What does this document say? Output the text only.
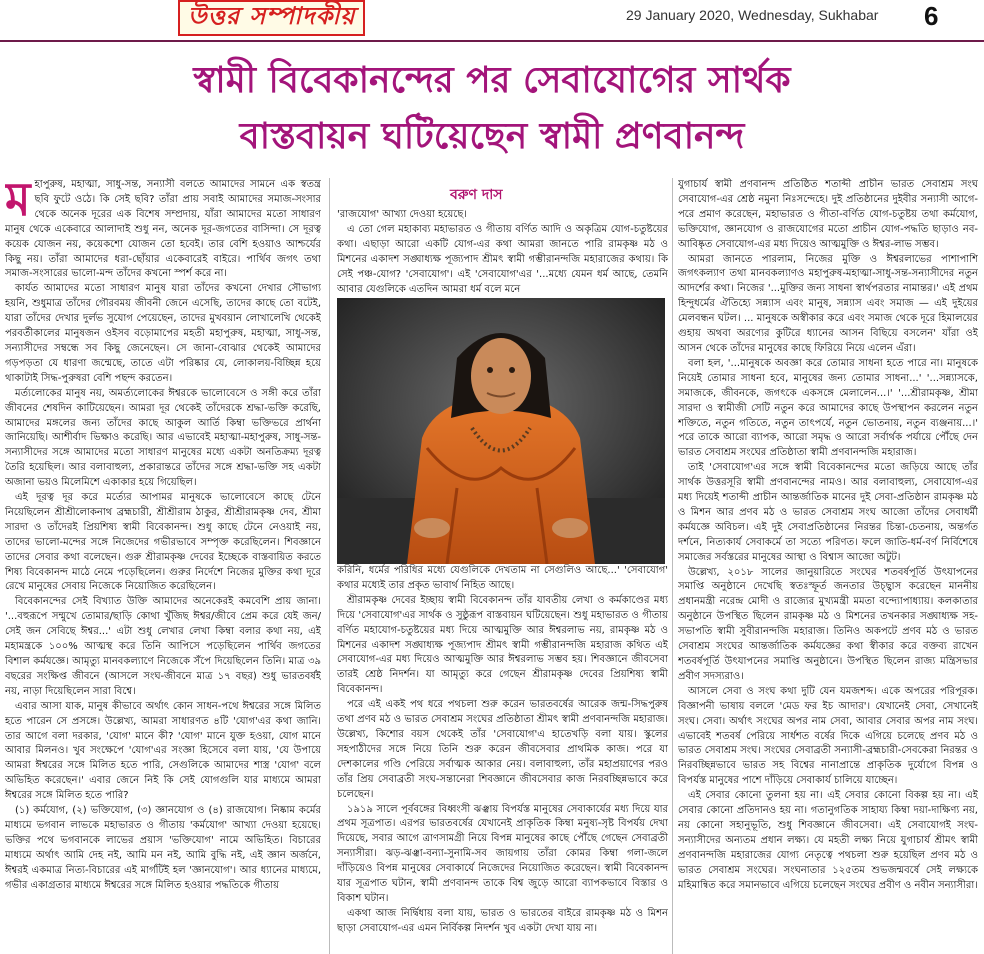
উত্তর সম্পাদকীয়	29 January 2020, Wednesday, Sukhabar 6
স্বামী বিবেকানন্দের পর সেবাযোগের সার্থক
বাস্তবায়ন ঘটিয়েছেন স্বামী প্রণবানন্দ
ম হাপুরুষ, মহাত্মা, সাধু-সন্ত, সন্যাসী বলতে আমাদের সামনে এক স্বতন্ত্র ছবি ফুটে ওঠে। কি সেই ছবি? তাঁরা প্রায় সবাই আমাদের সমাজ-সংসার থেকে অনেক দূরের এক বিশেষ সম্প্রদায়, যাঁরা আমাদের মতো সাধারণ মানুষ থেকে একেবারে আলাদাই শুধু নন, অনেক দূর-জগতের বাসিন্দা। সে দূরত্ব কয়েক যোজন নয়, কয়েকশো যোজন তো হবেই। তার বেশি হওয়াও আশ্চর্যের কিছু নয়। তাঁরা আমাদের ধরা-ছোঁয়ার একেবারেই বাইরে। পার্থিব জগৎ তথা সমাজ-সংসারের ভালো-মন্দ তাঁদের কখনো স্পর্শ করে না।

কার্যত আমাদের মতো সাধারণ মানুষ যারা তাঁদের কখনো দেখার সৌভাগ্য হয়নি, শুধুমাত্র তাঁদের গৌরবময় জীবনী জেনে এসেছি, তাদের কাছে তো বটেই, যারা তাঁদের দেখার দুর্লভ সুযোগ পেয়েছেন, তাদের মুখবয়ান লোখালেখি থেকেই পরবর্তীকালের মানুষজন ওইসব বড়োমাপের মহতী মহাপুরুষ, মহাত্মা, সাধু-সন্ত, সন্যাসীদের সম্বন্ধে সব কিছু জেনেছেন। সে জানা-বোঝার থেকেই আমাদের গড়পড়তা যে ধারণা জন্মেছে, তাতে এটা পরিষ্কার যে, লোকালয়-বিচ্ছিন্ন হয়ে থাকাটাই সিদ্ধ-পুরুষরা বেশি পছন্দ করতেন।

মর্ত্যলোকের মানুষ নয়, অমর্ত্যলোকের ঈশ্বরকে ভালোবেসে ও সঙ্গী করে তাঁরা জীবনের শেষদিন কাটিয়েছেন। আমরা দূর থেকেই তাঁদেরকে শ্রদ্ধা-ভক্তি করেছি, আমাদের মঙ্গলের জন্য তাঁদের কাছে আকুল আর্তি কিম্বা ভক্তিভরে প্রার্থনা জানিয়েছি। আশীর্বাদ ভিক্ষাও করেছি। আর এভাবেই মহাত্মা-মহাপুরুষ, সাধু-সন্ত-সন্যাসীদের সঙ্গে আমাদের মতো সাধারণ মানুষের মধ্যে একটা অনতিক্রম্য দূরত্ব তৈরি হয়েছিল। আর বলাবাহুল্য, প্রকারান্তরে তাঁদের সঙ্গে শ্রদ্ধা-ভক্তি সহ একটা অজানা ভয়ও মিলেমিশে একাকার হয়ে গিয়েছিল।

এই দূরত্ব দূর করে মর্ত্যের আপামর মানুষকে ভালোবেসে কাছে টেনে নিয়েছিলেন শ্রীশ্রীলোকনাথ ব্রহ্মচারী, শ্রীশ্রীরাম ঠাকুর, শ্রীশ্রীরামকৃষ্ণ দেব, শ্রীমা সারদা ও তাঁদেরই প্রিয়শিষ্য স্বামী বিবেকানন্দ। শুধু কাছে টেনে নেওয়াই নয়, তাদের ভালো-মন্দের সঙ্গে নিজেদের গভীরভাবে সম্পৃক্ত করেছিলেন। শিবজ্ঞানে তাদের সেবার কথা বলেছেন। গুরু শ্রীরামকৃষ্ণ দেবের ইচ্ছেকে বাস্তবায়িত করতে শিষ্য বিবেকানন্দ মাঠে নেমে পড়েছিলেন। গুরুর নির্দেশে নিজের মুক্তির কথা দূরে রেখে মানুষের সেবায় নিজেকে নিয়োজিত করেছিলেন।

বিবেকানন্দের সেই বিখ্যাত উক্তি আমাদের অনেকেরই কমবেশি প্রায় জানা। '...বহুরূপে সম্মুখে তোমার/ছাড়ি কোথা খুঁজিছ ঈশ্বর/জীবে প্রেম করে যেই জন/সেই জন সেবিছে ঈশ্বর...' এটা শুধু লেখার লেখা কিম্বা বলার কথা নয়, এই মহামন্ত্রকে ১০০% আত্মস্থ করে তিনি আপিসে পড়েছিলেন পার্থিব জগতের বিশাল কর্মযজ্ঞে। আমৃত্যু মানবকল্যাণে নিজেকে সঁপে দিয়েছিলেন তিনি। মাত্র ৩৯ বছরের সংক্ষিপ্ত জীবনে (আসলে সংঘ-জীবনে মাত্র ১৭ বছর) শুধু ভারতবর্ষই নয়, নাড়া দিয়েছিলেন সারা বিশ্বে।

এবার আসা যাক, মানুষ কীভাবে অর্থাৎ কোন সাধন-পথে ঈশ্বরের সঙ্গে মিলিত হতে পারেন সে প্রসঙ্গে। উল্লেখ্য, আমরা সাধারণত ৪টি 'যোগ'এর কথা জানি। তার আগে বলা দরকার, 'যোগ' মানে কী? 'যোগ' মানে যুক্ত হওয়া, যোগ মানে আবার মিলনও। খুব সংক্ষেপে 'যোগ'এর সংজ্ঞা হিসেবে বলা যায়, 'যে উপায়ে আমরা ঈশ্বরের সঙ্গে মিলিত হতে পারি, সেগুলিকে আমাদের শাস্ত্র 'যোগ' বলে অভিহিত করেছেন।' এবার জেনে নিই কি সেই যোগগুলি যার মাধ্যমে আমরা ঈশ্বরের সঙ্গে মিলিত হতে পারি?

(১) কর্মযোগ, (২) ভক্তিযোগ, (৩) জ্ঞানযোগ ও (৪) রাজযোগ। নিষ্কাম কর্মের মাধ্যমে ভগবান লাভকে মহাভারত ও গীতায় 'কর্মযোগ' আখ্যা দেওয়া হয়েছে। ভক্তির পথে ভগবানকে লাভের প্রয়াস 'ভক্তিযোগ' নামে অভিহিত। বিচারের মাধ্যমে অর্থাৎ আমি দেহ নই, আমি মন নই, আমি বুদ্ধি নই, এই জ্ঞান অর্জনে, ঈশ্বরই একমাত্র নিত্য-বিচারের এই মার্গটিই হল 'জ্ঞানযোগ'। আর ধ্যানের মাধ্যমে, গভীর একাগ্রতার মাধ্যমে ঈশ্বরের সঙ্গে মিলিত হওয়ার পদ্ধতিকে গীতায়

বরুণ দাস

'রাজযোগ' আখ্যা দেওয়া হয়েছে।

এ তো গেল মহাকাব্য মহাভারত ও গীতায় বর্ণিত আদি ও অকৃত্রিম যোগ-চতুষ্টয়ের কথা। এছাড়া আরো একটি যোগ-এর কথা আমরা জানতে পারি রামকৃষ্ণ মঠ ও মিশনের একাদশ সঙ্ঘাধ্যক্ষ পূজ্যপাদ শ্রীমৎ স্বামী গম্ভীরানন্দজি মহারাজের কথায়। কি সেই পঞ্চ-যোগ? 'সেবাযোগ'। এই 'সেবাযোগ'এর '...মধ্যে যেমন ধর্ম আছে, তেমনি আবার যেগুলিকে এতদিন আমরা ধর্ম বলে মনে

করিনি, ধর্মের পরিধির মধ্যে যেগুলিকে দেখতাম না সেগুলিও আছে...' 'সেবাযোগ' কথার মধ্যেই তার প্রকৃত ভাবার্থ নিহিত আছে।

শ্রীরামকৃষ্ণ দেবের ইচ্ছায় স্বামী বিবেকানন্দ তাঁর যাবতীয় লেখা ও কর্মকাণ্ডের মধ্য দিয়ে 'সেবাযোগ'এর সার্থক ও সুষ্ঠুরূপ বাস্তবায়ন ঘটিয়েছেন। শুধু মহাভারত ও গীতায় বর্ণিত মহাযোগ-চতুষ্টয়ের মধ্য দিয়ে আত্মমুক্তি আর ঈশ্বরলাভ নয়, রামকৃষ্ণ মঠ ও মিশনের একাদশ সঙ্ঘাধ্যক্ষ পূজ্যপাদ শ্রীমৎ স্বামী গম্ভীরানন্দজি মহারাজ কথিত এই সেবাযোগ-এর মধ্য দিয়েও আত্মমুক্তি আর ঈশ্বরলাভ সম্ভব হয়। শিবজ্ঞানে জীবসেবা তারই শ্রেষ্ঠ নিদর্শন। যা আমৃত্যু করে গেছেন শ্রীরামকৃষ্ণ দেবের প্রিয়শিষ্য স্বামী বিবেকানন্দ।

পরে এই একই পথ ধরে পথচলা শুরু করেন ভারতবর্ষের আরেক জন্ম-সিদ্ধপুরুষ তথা প্রণব মঠ ও ভারত সেবাশ্রম সংঘের প্রতিষ্ঠাতা শ্রীমৎ স্বামী প্রণবানন্দজি মহারাজ। উল্লেখ্য, কিশোর বয়স থেকেই তাঁর 'সেবাযোগ'এ হাতেখড়ি বলা যায়। স্কুলের সহপাঠীদের সঙ্গে নিয়ে তিনি শুরু করেন জীবসেবার প্রাথমিক কাজ। পরে যা দেশকালের গণ্ডি পেরিয়ে সর্বাত্মক আকার নেয়। বলাবাহুল্য, তাঁর মহাপ্রয়াণের পরও তাঁর প্রিয় সেবাব্রতী সংঘ-সন্তানেরা শিবজ্ঞানে জীবসেবার কাজ নিরবচ্ছিন্নভাবে করে চলেছেন।

১৯১৯ সালে পূর্ববঙ্গের বিধ্বংসী ঝঞ্ঝায় বিপর্যস্ত মানুষের সেবাকার্যের মধ্য দিয়ে যার প্রথম সূত্রপাত। এরপর ভারতবর্ষের যেখানেই প্রাকৃতিক কিম্বা মনুষ্য-সৃষ্ট বিপর্যয় দেখা দিয়েছে, সবার আগে ত্রাণসামগ্রী নিয়ে বিপন্ন মানুষের কাছে পৌঁছে গেছেন সেবাব্রতী সন্যাসীরা। ঝড়-ঝঞ্ঝা-বন্যা-সুনামি-সব জায়গায় তাঁরা কোমর কিম্বা গলা-জলে দাঁড়িয়েও বিপন্ন মানুষের সেবাকার্যে নিজেদের নিয়োজিত করেছেন। স্বামী বিবেকানন্দ যার সূত্রপাত ঘটান, স্বামী প্রণবানন্দ তাকে বিশ্ব জুড়ে আরো ব্যাপকভাবে বিস্তার ও বিকাশ ঘটান।

একথা আজ নির্দ্বিধায় বলা যায়, ভারত ও ভারতের বাইরে রামকৃষ্ণ মঠ ও মিশন ছাড়া সেবাযোগ-এর এমন নির্বিকল্প নিদর্শন খুব একটা দেখা যায় না।

যুগাচার্য স্বামী প্রণবানন্দ প্রতিষ্ঠিত শতাব্দী প্রাচীন ভারত সেবাশ্রম সংঘ সেবাযোগ-এর শ্রেষ্ঠ নমুনা নিঃসন্দেহে। দুই প্রতিষ্ঠানের দুইবীর সন্যাসী আগে-পরে প্রমাণ করেছেন, মহাভারত ও গীতা-বর্ণিত যোগ-চতুষ্টয় তথা কর্মযোগ, ভক্তিযোগ, জ্ঞানযোগ ও রাজযোগের মতো প্রাচীন যোগ-পদ্ধতি ছাড়াও নব-আবিষ্কৃত সেবাযোগ-এর মধ্য দিয়েও আত্মমুক্তি ও ঈশ্বর-লাভ সম্ভব।

আমরা জানতে পারলাম, নিজের মুক্তি ও ঈশ্বরলাভের পাশাপাশি জগৎকল্যাণ তথা মানবকল্যাণও মহাপুরুষ-মহাত্মা-সাধু-সন্ত-সন্যাসীদের নতুন আদর্শের কথা। নিজের '...মুক্তির জন্য সাধনা স্বার্থপরতার নামান্তর।' এই প্রথম হিন্দুধর্মের ঐতিহ্যে সন্ন্যাস এবং মানুষ, সন্ন্যাস এবং সমাজ — এই দুইয়ের মেলবন্ধন ঘটল। ... মানুষকে অস্বীকার করে এবং সমাজ থেকে দূরে হিমালয়ের গুহায় অথবা অরণ্যের কুটিরে ধ্যানের আসন বিছিয়ে বসলেন' যাঁরা ওই আসন থেকে তাঁদের মানুষের কাছে ফিরিয়ে নিয়ে এলেন এঁরা।

বলা হল, '...মানুষকে অবজ্ঞা করে তোমার সাধনা হতে পারে না। মানুষকে নিয়েই তোমার সাধনা হবে, মানুষের জন্য তোমার সাধনা...' '...সন্ন্যাসকে, সমাজকে, জীবনকে, জগৎকে একসঙ্গে মেলালেন...।' '...শ্রীরামকৃষ্ণ, শ্রীমা সারদা ও স্বামীজী সেটি নতুন করে আমাদের কাছে উপস্থাপন করলেন নতুন শক্তিতে, নতুন গতিতে, নতুন তাৎপর্যে, নতুন ভোতনায়, নতুন ব্যঞ্জনায়...।' পরে তাকে আরো ব্যাপক, আরো সমৃদ্ধ ও আরো সর্বার্থক পর্যায়ে পৌঁছে দেন ভারত সেবাশ্রম সংঘের প্রতিষ্ঠাতা স্বামী প্রণবানন্দজি মহারাজ।

তাই 'সেবাযোগ'এর সঙ্গে স্বামী বিবেকানন্দের মতো জড়িয়ে আছে তাঁর সার্থক উত্তরসূরি স্বামী প্রণবানন্দের নামও। আর বলাবাহুল্য, সেবাযোগ-এর মধ্য দিয়েই শতাব্দী প্রাচীন আন্তর্জাতিক মানের দুই সেবা-প্রতিষ্ঠান রামকৃষ্ণ মঠ ও মিশন আর প্রণব মঠ ও ভারত সেবাশ্রম সংঘ আজো তাঁদের সেবাধর্মী কর্মযজ্ঞে অবিচল। এই দুই সেবাপ্রতিষ্ঠানের নিরন্তর চিন্তা-চেতনায়, অন্তর্গত দর্শনে, নিত্যকার্য সেবাকর্মে তা সত্যে পরিণত। ফলে জাতি-ধর্ম-বর্ণ নির্বিশেষে সমাজের সর্বস্তরের মানুষের আস্থা ও বিশ্বাস আজো অটুট।

উল্লেখ্য, ২০১৮ সালের জানুয়ারিতে সংঘের শতবর্ষপূর্তি উৎযাপনের সমাপ্তি অনুষ্ঠানে দেখেছি স্বতঃস্ফূর্ত জনতার উচ্ছ্বাস করেছেন মাননীয় প্রধানমন্ত্রী নরেন্দ্র মোদী ও রাজ্যের মুখ্যমন্ত্রী মমতা বন্দ্যোপাধ্যায়। কলকাতার অনুষ্ঠানে উপস্থিত ছিলেন রামকৃষ্ণ মঠ ও মিশনের তখনকার সঙ্ঘাধ্যক্ষ সহ-সভাপতি স্বামী সুবীরানন্দজি মহারাজ। তিনিও অকপটে প্রণব মঠ ও ভারত সেবাশ্রম সংঘের আন্তর্জাতিক কর্মযজ্ঞের কথা স্বীকার করে বক্তব্য রাখেন শতবর্ষপূর্তি উৎযাপনের সমাপ্তি অনুষ্ঠানে। উপস্থিত ছিলেন রাজ্য মন্ত্রিসভার প্রবীণ সদস্যরাও।

আসলে সেবা ও সংঘ কথা দুটি যেন যমজশব্দ। একে অপরের পরিপূরক। বিজ্ঞাপনী ভাষায় বললে 'মেড ফর ইচ আদার'। যেখানেই সেবা, সেখানেই সংঘ। সেবা। অর্থাৎ সংঘের অপর নাম সেবা, আবার সেবার অপর নাম সংঘ। এভাবেই শতবর্ষ পেরিয়ে সার্ধশত বর্ষের দিকে এগিয়ে চলেছে প্রণব মঠ ও ভারত সেবাশ্রম সংঘ। সংঘের সেবাব্রতী সন্যাসী-ব্রহ্মচারী-সেবকেরা নিরন্তর ও নিরবচ্ছিন্নভাবে ভারত সহ বিশ্বের নানাপ্রান্তে প্রাকৃতিক দুর্যোগে বিপন্ন ও বিপর্যস্ত মানুষের পাশে দাঁড়িয়ে সেবাকার্য চালিয়ে যাচ্ছেন।

এই সেবার কোনো তুলনা হয় না। এই সেবার কোনো বিকল্প হয় না। এই সেবার কোনো প্রতিদানও হয় না। গতানুগতিক সাহায্য কিম্বা দয়া-দাক্ষিণ্য নয়, নয় কোনো সহানুভূতি, শুধু শিবজ্ঞানে জীবসেবা। এই সেবাযোগই সংঘ-সন্যাসীদের অন্যতম প্রধান লক্ষ্য। যে মহতী লক্ষ্য নিয়ে যুগাচার্য শ্রীমৎ স্বামী প্রণবানন্দজি মহারাজের যোগ্য নেতৃত্বে পথচলা শুরু হয়েছিল প্রণব মঠ ও ভারত সেবাশ্রম সংঘের। সংঘনাতার ১২৫তম শুভজন্মবর্ষে সেই লক্ষ্যকে মহিমান্বিত করে সমানভাবে এগিয়ে চলেছেন সংঘের প্রবীণ ও নবীন সন্যাসীরা।
